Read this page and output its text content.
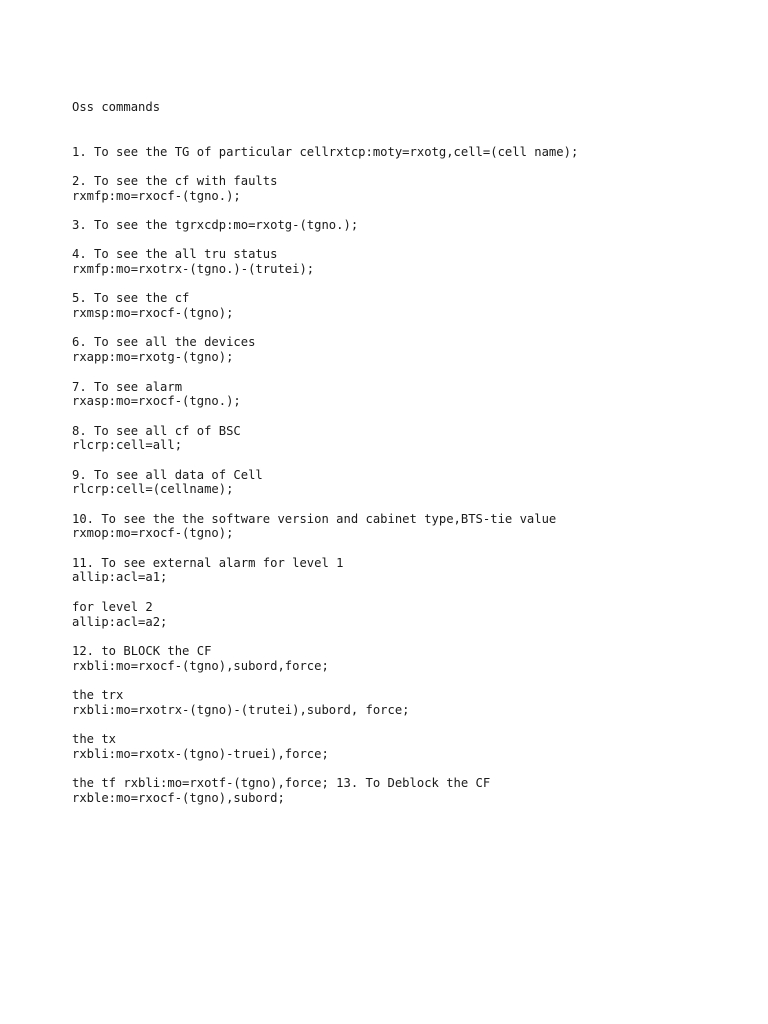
Oss commands

1. To see the TG of particular cellrxtcp:moty=rxotg,cell=(cell name);
2. To see the cf with faults
rxmfp:mo=rxocf-(tgno.);
3. To see the tgrxcdp:mo=rxotg-(tgno.);
4. To see the all tru status
rxmfp:mo=rxotrx-(tgno.)-(trutei);
5. To see the cf
rxmsp:mo=rxocf-(tgno);
6. To see all the devices
rxapp:mo=rxotg-(tgno);
7. To see alarm
rxasp:mo=rxocf-(tgno.);
8. To see all cf of BSC
rlcrp:cell=all;
9. To see all data of Cell
rlcrp:cell=(cellname);
10. To see the the software version and cabinet type,BTS-tie value
rxmop:mo=rxocf-(tgno);
11. To see external alarm for level 1
allip:acl=a1;
for level 2
allip:acl=a2;
12. to BLOCK the CF
rxbli:mo=rxocf-(tgno),subord,force;
the trx
rxbli:mo=rxotrx-(tgno)-(trutei),subord, force;
the tx
rxbli:mo=rxotx-(tgno)-truei),force;
the tf rxbli:mo=rxotf-(tgno),force; 13. To Deblock the CF
rxble:mo=rxocf-(tgno),subord;
